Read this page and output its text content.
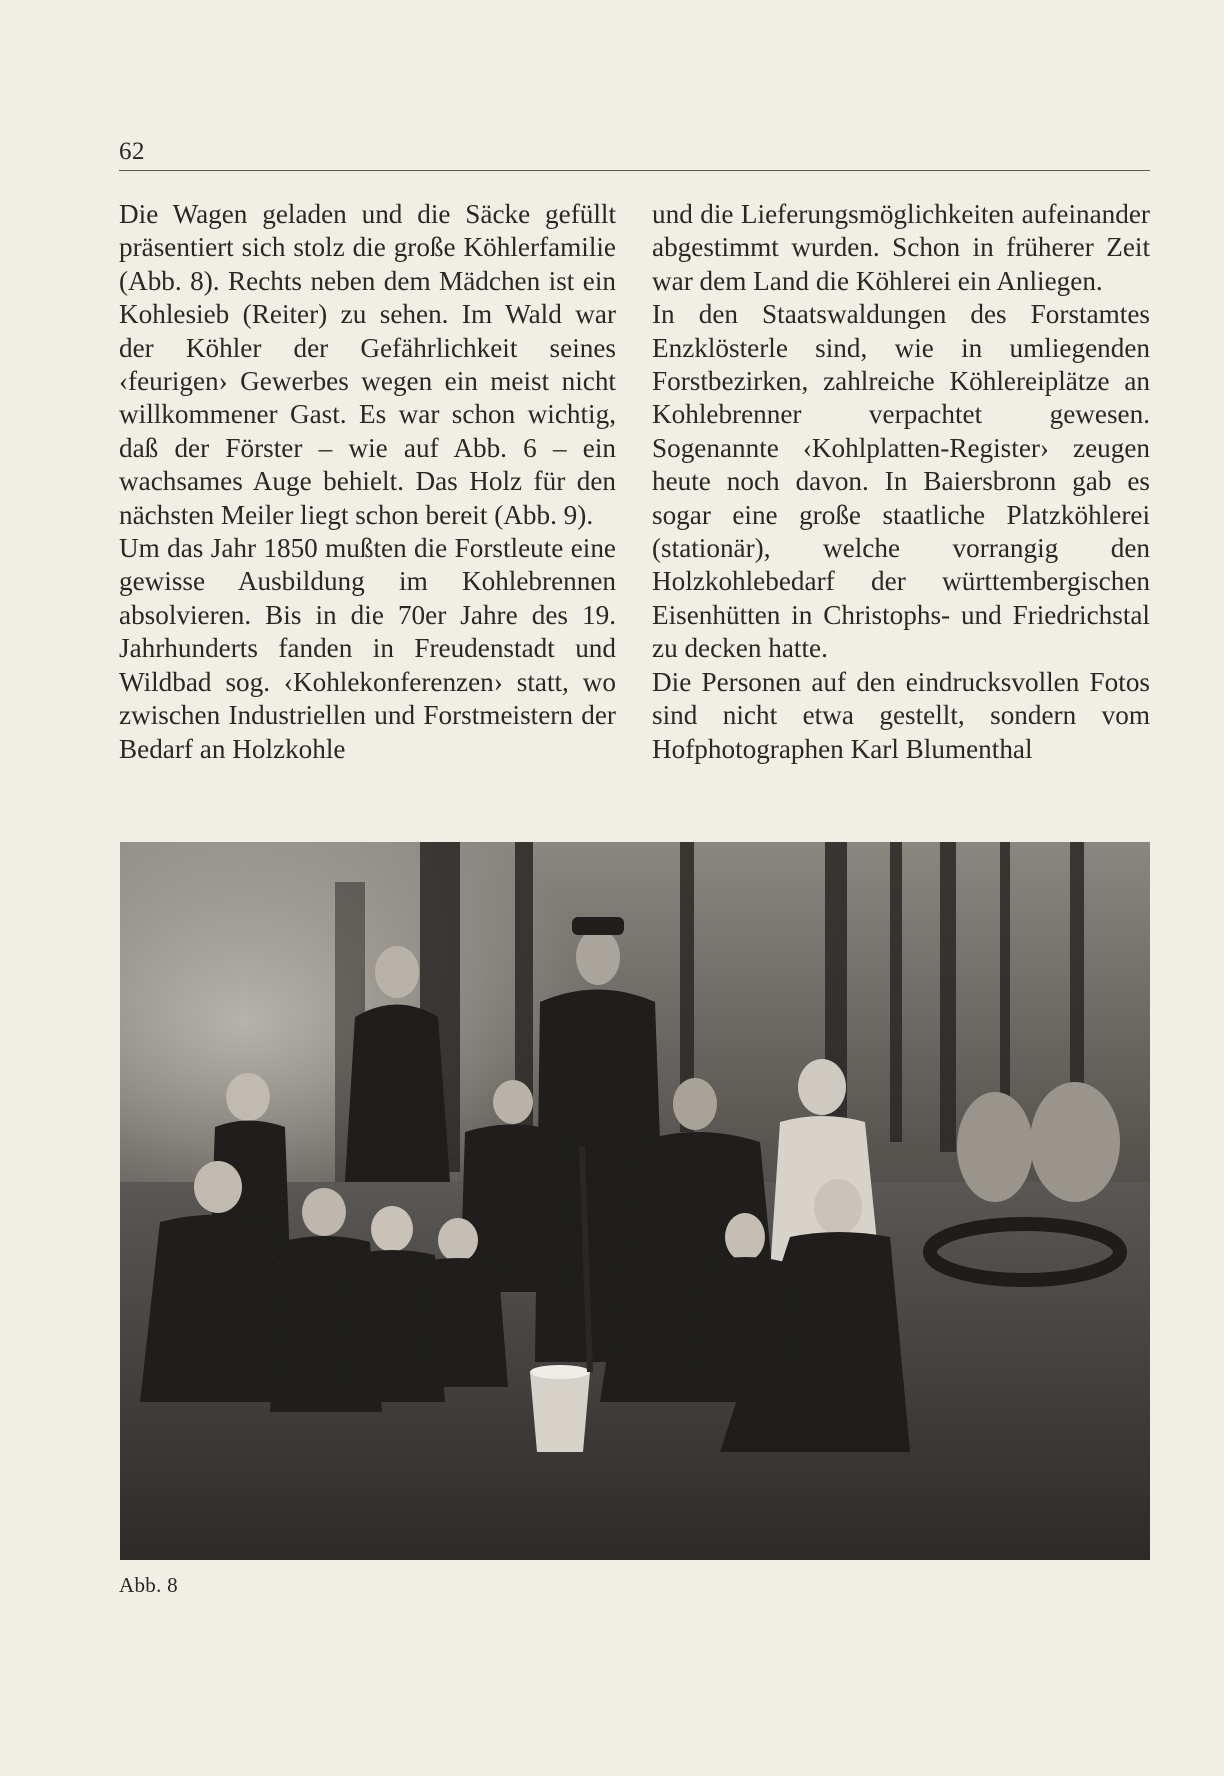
62

Die Wagen geladen und die Säcke gefüllt präsentiert sich stolz die große Köhlerfamilie (Abb. 8). Rechts neben dem Mädchen ist ein Kohlesieb (Reiter) zu sehen. Im Wald war der Köhler der Gefährlichkeit seines ‹feurigen› Gewerbes wegen ein meist nicht willkommener Gast. Es war schon wichtig, daß der Förster – wie auf Abb. 6 – ein wachsames Auge behielt. Das Holz für den nächsten Meiler liegt schon bereit (Abb. 9).

Um das Jahr 1850 mußten die Forstleute eine gewisse Ausbildung im Kohlebrennen absolvieren. Bis in die 70er Jahre des 19. Jahrhunderts fanden in Freudenstadt und Wildbad sog. ‹Kohlekonferenzen› statt, wo zwischen Industriellen und Forstmeistern der Bedarf an Holzkohle

und die Lieferungsmöglichkeiten aufeinander abgestimmt wurden. Schon in früherer Zeit war dem Land die Köhlerei ein Anliegen.

In den Staatswaldungen des Forstamtes Enzklösterle sind, wie in umliegenden Forstbezirken, zahlreiche Köhlereiplätze an Kohlebrenner verpachtet gewesen. Sogenannte ‹Kohlplatten-Register› zeugen heute noch davon. In Baiersbronn gab es sogar eine große staatliche Platzköhlerei (stationär), welche vorrangig den Holzkohlebedarf der württembergischen Eisenhütten in Christophs- und Friedrichstal zu decken hatte.

Die Personen auf den eindrucksvollen Fotos sind nicht etwa gestellt, sondern vom Hofphotographen Karl Blumenthal

Abb. 8
